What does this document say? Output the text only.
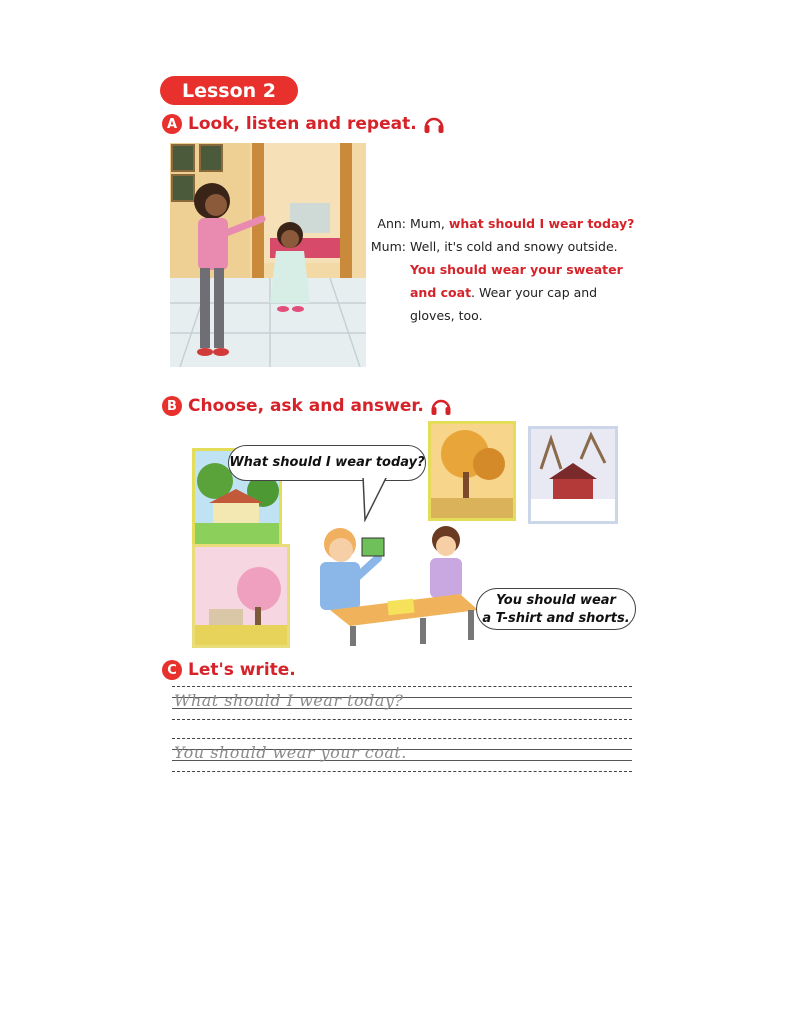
Lesson 2
A Look, listen and repeat.
Ann: Mum, what should I wear today?
Mum: Well, it's cold and snowy outside.
You should wear your sweater
and coat. Wear your cap and
gloves, too.
B Choose, ask and answer.
What should I wear today?
You should wear
a T-shirt and shorts.
C Let's write.
What should I wear today?
You should wear your coat.
